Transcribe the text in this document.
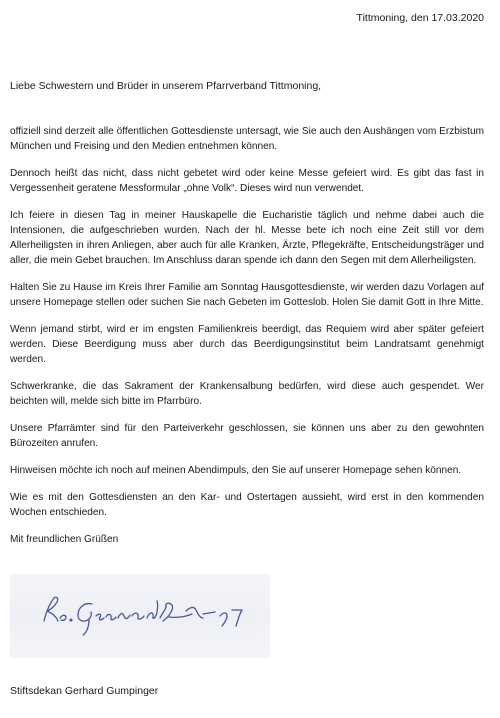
Tittmoning, den 17.03.2020
Liebe Schwestern und Brüder in unserem Pfarrverband Tittmoning,

offiziell sind derzeit alle öffentlichen Gottesdienste untersagt, wie Sie auch den Aushängen vom Erzbistum München und Freising und den Medien entnehmen können.

Dennoch heißt das nicht, dass nicht gebetet wird oder keine Messe gefeiert wird. Es gibt das fast in Vergessenheit geratene Messformular „ohne Volk“. Dieses wird nun verwendet.

Ich feiere in diesen Tag in meiner Hauskapelle die Eucharistie täglich und nehme dabei auch die Intensionen, die aufgeschrieben wurden. Nach der hl. Messe bete ich noch eine Zeit still vor dem Allerheiligsten in ihren Anliegen, aber auch für alle Kranken, Ärzte, Pflegekräfte, Entscheidungsträger und aller, die mein Gebet brauchen. Im Anschluss daran spende ich dann den Segen mit dem Allerheiligsten.

Halten Sie zu Hause im Kreis Ihrer Familie am Sonntag Hausgottesdienste, wir werden dazu Vorlagen auf unsere Homepage stellen oder suchen Sie nach Gebeten im Gotteslob. Holen Sie damit Gott in Ihre Mitte.

Wenn jemand stirbt, wird er im engsten Familienkreis beerdigt, das Requiem wird aber später gefeiert werden. Diese Beerdigung muss aber durch das Beerdigungsinstitut beim Landratsamt genehmigt werden.

Schwerkranke, die das Sakrament der Krankensalbung bedürfen, wird diese auch gespendet. Wer beichten will, melde sich bitte im Pfarrbüro.

Unsere Pfarrämter sind für den Parteiverkehr geschlossen, sie können uns aber zu den gewohnten Bürozeiten anrufen.

Hinweisen möchte ich noch auf meinen Abendimpuls, den Sie auf unserer Homepage sehen können.

Wie es mit den Gottesdiensten an den Kar- und Ostertagen aussieht, wird erst in den kommenden Wochen entschieden.

Mit freundlichen Grüßen

Stiftsdekan Gerhard Gumpinger
